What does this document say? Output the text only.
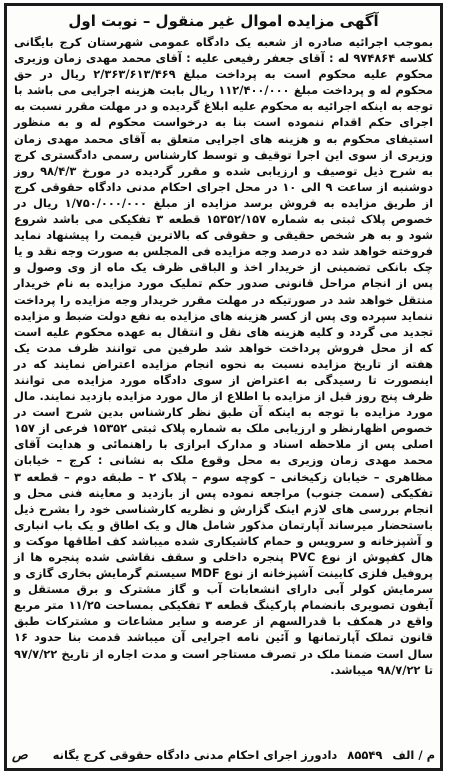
آگهی مزایده اموال غیر منقول – نوبت اول
بموجب اجرائیه صادره از شعبه یک دادگاه عمومی شهرستان کرج بایگانی کلاسه ۹۷۴۸۶۴ له : آقای جعفر رفیعی علیه : آقای محمد مهدی زمان وزیری محکوم علیه محکوم است به پرداخت مبلغ ۲/۳۶۳/۶۱۳/۴۶۹ ریال در حق محکوم له و پرداخت مبلغ ۱۱۲/۴۰۰/۰۰۰ ریال بابت هزینه اجرایی می باشد با توجه به اینکه اجرائیه به محکوم علیه ابلاغ گردیده و در مهلت مقرر نسبت به اجرای حکم اقدام ننموده است بنا به درخواست محکوم له و به منظور استیفای محکوم به و هزینه های اجرایی متعلق به آقای محمد مهدی زمان وزیری از سوی این اجرا توقیف و توسط کارشناس رسمی دادگستری کرج به شرح ذیل توصیف و ارزیابی شده و مقرر گردیده در مورخ ۹۸/۴/۳ روز دوشنبه از ساعت ۹ الی ۱۰ در محل اجرای احکام مدنی دادگاه حقوقی کرج از طریق مزایده به فروش برسد مزایده از مبلغ ۱/۷۵۰/۰۰۰/۰۰۰ ریال در خصوص پلاک ثبتی به شماره ۱۵۳۵۲/۱۵۷ قطعه ۳ تفکیکی می باشد شروع شود و به هر شخص حقیقی و حقوقی که بالاترین قیمت را پیشنهاد نماید فروخته خواهد شد ده درصد وجه مزایده فی المجلس به صورت وجه نقد و یا چک بانکی تضمینی از خریدار اخذ و الباقی ظرف یک ماه از وی وصول و پس از انجام مراحل قانونی صدور حکم تملیک مورد مزایده به نام خریدار منتقل خواهد شد در صورتیکه در مهلت مقرر خریدار وجه مزایده را پرداخت ننماید سپرده وی پس از کسر هزینه های مزایده به نفع دولت ضبط و مزایده تجدید می گردد و کلیه هزینه های نقل و انتقال به عهده محکوم علیه است که از محل فروش پرداخت خواهد شد طرفین می توانند ظرف مدت یک هفته از تاریخ مزایده نسبت به نحوه انجام مزایده اعتراض نمایند که در اینصورت تا رسیدگی به اعتراض از سوی دادگاه مورد مزایده می توانند ظرف پنج روز قبل از مزایده با اطلاع از مال مورد مزایده بازدید نمایند. مال مورد مزایده با توجه به اینکه آن طبق نظر کارشناس بدین شرح است در خصوص اظهارنظر و ارزیابی ملک به شماره پلاک ثبتی ۱۵۳۵۲ فرعی از ۱۵۷ اصلی پس از ملاحظه اسناد و مدارک ابرازی با راهنمائی و هدایت آقای محمد مهدی زمان وزیری به محل وقوع ملک به نشانی : کرج – خیابان مظاهری – خیابان زکیخانی – کوچه سوم – پلاک ۲ – طبقه دوم – قطعه ۳ تفکیکی (سمت جنوب) مراجعه نموده پس از بازدید و معاینه فنی محل و انجام بررسی های لازم اینک گزارش و نظریه کارشناسی خود را بشرح ذیل باستحضار میرساند آپارتمان مذکور شامل هال و یک اطاق و یک باب انباری و آشپزخانه و سرویس و حمام کاشیکاری شده میباشد کف اطاقها موکت و هال کفپوش از نوع PVC پنجره داخلی و سقف نقاشی شده پنجره ها از پروفیل فلزی کابینت آشپزخانه از نوع MDF سیستم گرمایش بخاری گازی و سرمایش کولر آبی دارای انشعابات آب و گاز مشترک و برق مستقل و آیفون تصویری بانضمام پارکینگ قطعه ۳ تفکیکی بمساحت ۱۱/۲۵ متر مربع واقع در همکف با قدرالسهم از عرصه و سایر مشاعات و مشترکات طبق قانون تملک آپارتمانها و آئین نامه اجرایی آن میباشد قدمت بنا حدود ۱۶ سال است ضمنا ملک در تصرف مستاجر است و مدت اجاره از تاریخ ۹۷/۷/۲۲ تا ۹۸/۷/۲۲ میباشد.
م / الف
۸۵۵۴۹
دادورز اجرای احکام مدنی دادگاه حقوقی کرج یگانه
ص
